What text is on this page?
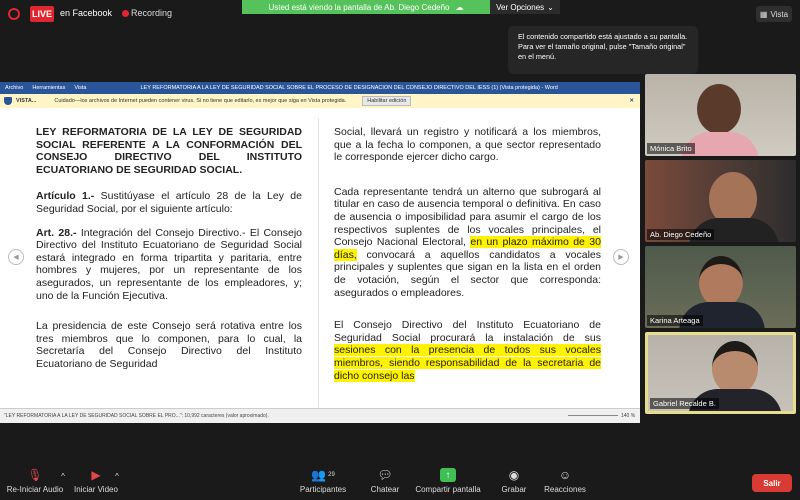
LIVE en Facebook Recording
Usted está viendo la pantalla de Ab. Diego Cedeño ☁	Ver Opciones ⌄
▦ Vista
El contenido compartido está ajustado a su pantalla. Para ver el tamaño original, pulse "Tamaño original" en el menú.
Archivo Herramientas Vista	LEY REFORMATORIA A LA LEY DE SEGURIDAD SOCIAL SOBRE EL PROCESO DE DESIGNACION DEL CONSEJO DIRECTIVO DEL IESS (1) (Vista protegida) - Word
VISTA...	Cuidado—los archivos de Internet pueden contener virus. Si no tiene que editarlo, es mejor que siga en Vista protegida.	Habilitar edición	✕
◀	▶

LEY REFORMATORIA DE LA LEY DE SEGURIDAD SOCIAL REFERENTE A LA CONFORMACIÓN DEL CONSEJO DIRECTIVO DEL INSTITUTO ECUATORIANO DE SEGURIDAD SOCIAL.

Artículo 1.- Sustitúyase el artículo 28 de la Ley de Seguridad Social, por el siguiente artículo:

Art. 28.- Integración del Consejo Directivo.- El Consejo Directivo del Instituto Ecuatoriano de Seguridad Social estará integrado en forma tripartita y paritaria, entre hombres y mujeres, por un representante de los asegurados, un representante de los empleadores, y; uno de la Función Ejecutiva.

La presidencia de este Consejo será rotativa entre los tres miembros que lo componen, para lo cual, la Secretaría del Consejo Directivo del Instituto Ecuatoriano de Seguridad

Social, llevará un registro y notificará a los miembros, que a la fecha lo componen, a que sector representado le corresponde ejercer dicho cargo.

Cada representante tendrá un alterno que subrogará al titular en caso de ausencia temporal o definitiva. En caso de ausencia o imposibilidad para asumir el cargo de los respectivos suplentes de los vocales principales, el Consejo Nacional Electoral, en un plazo máximo de 30 días, convocará a aquellos candidatos a vocales principales y suplentes que sigan en la lista en el orden de votación, según el sector que corresponda: asegurados o empleadores.

El Consejo Directivo del Instituto Ecuatoriano de Seguridad Social procurará la instalación de sus sesiones con la presencia de todos sus vocales miembros, siendo responsabilidad de la secretaria de dicho consejo las

"LEY REFORMATORIA A LA LEY DE SEGURIDAD SOCIAL SOBRE EL PRO...": 10,992 caracteres (valor aproximado).	140 %
Mónica Brito
Ab. Diego Cedeño
Karina Arteaga
Gabriel Recalde B.
🎙︎
Re-Iniciar Audio
^	▶︎
Iniciar Video
^	👥 29
Participantes
💬︎
Chatear
↑
Compartir pantalla
◉
Grabar
☺
Reacciones
Salir
